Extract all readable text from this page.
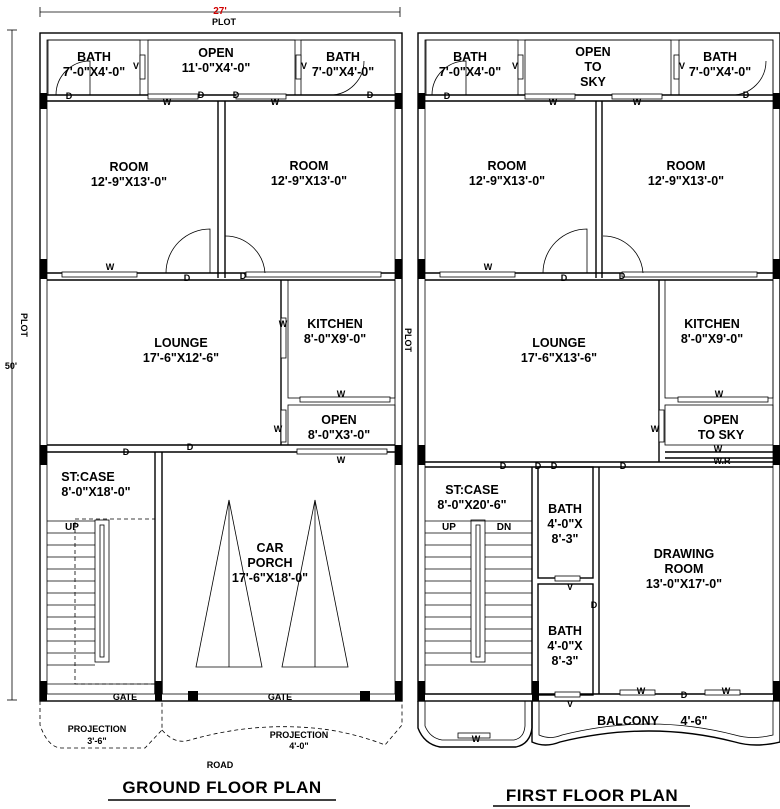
27'
PLOT
PLOT
50'
PLOT
BATH
7'-0"X4'-0"
OPEN
11'-0"X4'-0"
BATH
7'-0"X4'-0"
ROOM
12'-9"X13'-0"
ROOM
12'-9"X13'-0"
LOUNGE
17'-6"X12'-6"
KITCHEN
8'-0"X9'-0"
OPEN
8'-0"X3'-0"
ST:CASE
8'-0"X18'-0"
UP
CAR
PORCH
17'-6"X18'-0"
GATE	GATE
PROJECTION
3'-6"
PROJECTION
4'-0"
ROAD
GROUND FLOOR PLAN
D
W
D	D
W
D
V	V
W
D	D
W
W
W
W
D	D
BATH
7'-0"X4'-0"
OPEN
TO
SKY
BATH
7'-0"X4'-0"
ROOM
12'-9"X13'-0"
ROOM
12'-9"X13'-0"
LOUNGE
17'-6"X13'-6"
KITCHEN
8'-0"X9'-0"
OPEN
TO SKY
W.R
ST:CASE
8'-0"X20'-6"
UP	DN
BATH
4'-0"X
8'-3"
BATH
4'-0"X
8'-3"
DRAWING
ROOM
13'-0"X17'-0"
BALCONY 4'-6"
FIRST FLOOR PLAN
D
W	W
D
V	V
W
D	D
W
W
W
D	D D	D
V
D
V
W	D	W
W
